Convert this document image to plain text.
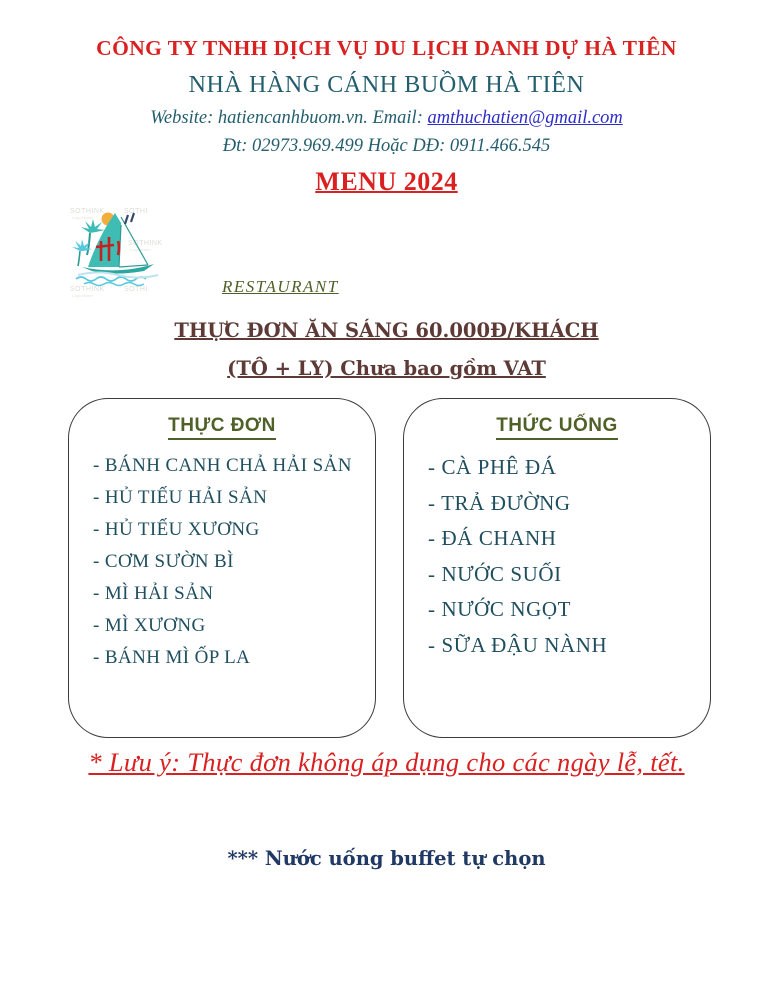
CÔNG TY TNHH DỊCH VỤ DU LỊCH DANH DỰ HÀ TIÊN
NHÀ HÀNG CÁNH BUỒM HÀ TIÊN
Website: hatiencanhbuom.vn. Email: amthuchatien@gmail.com
Đt: 02973.969.499 Hoặc DĐ: 0911.466.545
MENU 2024
SOTHINK
Logo Maker
SOTHI
SOTHINK
Logo Maker
SOTHINK
Logo Maker
SOTHI	RESTAURANT
THỰC ĐƠN ĂN SÁNG 60.000Đ/KHÁCH
(TÔ + LY) Chưa bao gồm VAT
THỰC ĐƠN
- BÁNH CANH CHẢ HẢI SẢN
- HỦ TIẾU HẢI SẢN
- HỦ TIẾU XƯƠNG
- CƠM SƯỜN BÌ
- MÌ HẢI SẢN
- MÌ XƯƠNG
- BÁNH MÌ ỐP LA
THỨC UỐNG
- CÀ PHÊ ĐÁ
- TRẢ ĐƯỜNG
- ĐÁ CHANH
- NƯỚC SUỐI
- NƯỚC NGỌT
- SỮA ĐẬU NÀNH
* Lưu ý: Thực đơn không áp dụng cho các ngày lễ, tết.
*** Nước uống buffet tự chọn
